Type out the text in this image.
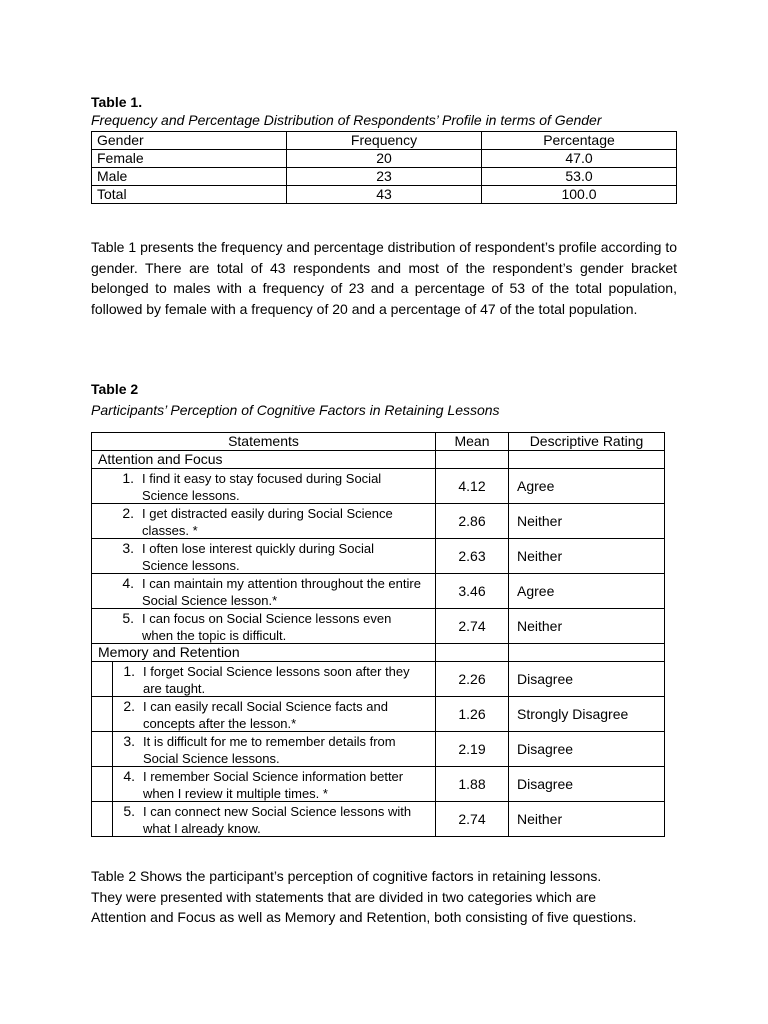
Table 1.
Frequency and Percentage Distribution of Respondents’ Profile in terms of Gender
Gender	Frequency	Percentage
Female	20	47.0
Male	23	53.0
Total	43	100.0
Table 1 presents the frequency and percentage distribution of respondent’s profile according to gender. There are total of 43 respondents and most of the respondent’s gender bracket belonged to males with a frequency of 23 and a percentage of 53 of the total population, followed by female with a frequency of 20 and a percentage of 47 of the total population.
Table 2
Participants’ Perception of Cognitive Factors in Retaining Lessons
Statements	Mean	Descriptive Rating
Attention and Focus		

1. I find it easy to stay focused during Social Science lessons.	4.12	Agree

2. I get distracted easily during Social Science classes. *	2.86	Neither

3. I often lose interest quickly during Social Science lessons.	2.63	Neither

4. I can maintain my attention throughout the entire Social Science lesson.*	3.46	Agree

5. I can focus on Social Science lessons even when the topic is difficult.	2.74	Neither
Memory and Retention		

1. I forget Social Science lessons soon after they are taught.	2.26	Disagree

2. I can easily recall Social Science facts and concepts after the lesson.*	1.26	Strongly Disagree

3. It is difficult for me to remember details from Social Science lessons.	2.19	Disagree

4. I remember Social Science information better when I review it multiple times. *	1.88	Disagree

5. I can connect new Social Science lessons with what I already know.	2.74	Neither
Table 2 Shows the participant’s perception of cognitive factors in retaining lessons.
They were presented with statements that are divided in two categories which are
Attention and Focus as well as Memory and Retention, both consisting of five questions.
